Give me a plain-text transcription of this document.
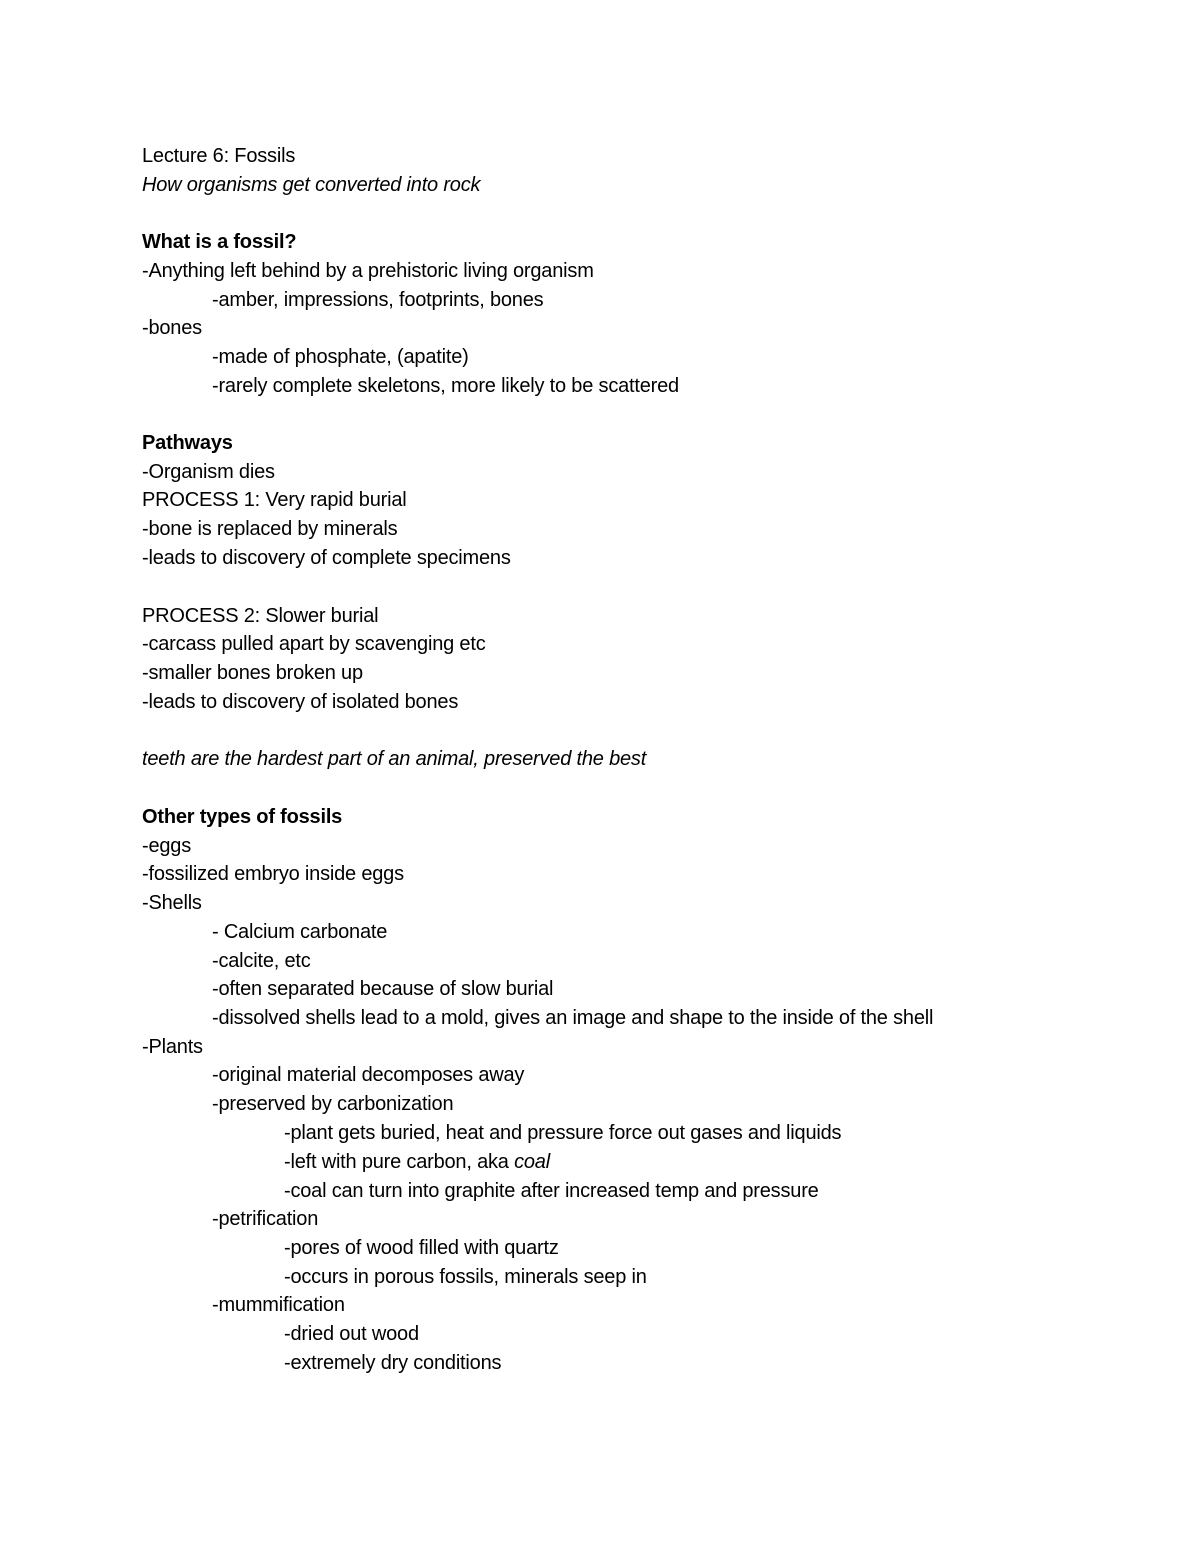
Lecture 6: Fossils
How organisms get converted into rock
What is a fossil?
-Anything left behind by a prehistoric living organism
-amber, impressions, footprints, bones
-bones
-made of phosphate, (apatite)
-rarely complete skeletons, more likely to be scattered
Pathways
-Organism dies
PROCESS 1: Very rapid burial
-bone is replaced by minerals
-leads to discovery of complete specimens
PROCESS 2: Slower burial
-carcass pulled apart by scavenging etc
-smaller bones broken up
-leads to discovery of isolated bones
teeth are the hardest part of an animal, preserved the best
Other types of fossils
-eggs
-fossilized embryo inside eggs
-Shells
- Calcium carbonate
-calcite, etc
-often separated because of slow burial
-dissolved shells lead to a mold, gives an image and shape to the inside of the shell
-Plants
-original material decomposes away
-preserved by carbonization
-plant gets buried, heat and pressure force out gases and liquids
-left with pure carbon, aka coal
-coal can turn into graphite after increased temp and pressure
-petrification
-pores of wood filled with quartz
-occurs in porous fossils, minerals seep in
-mummification
-dried out wood
-extremely dry conditions
